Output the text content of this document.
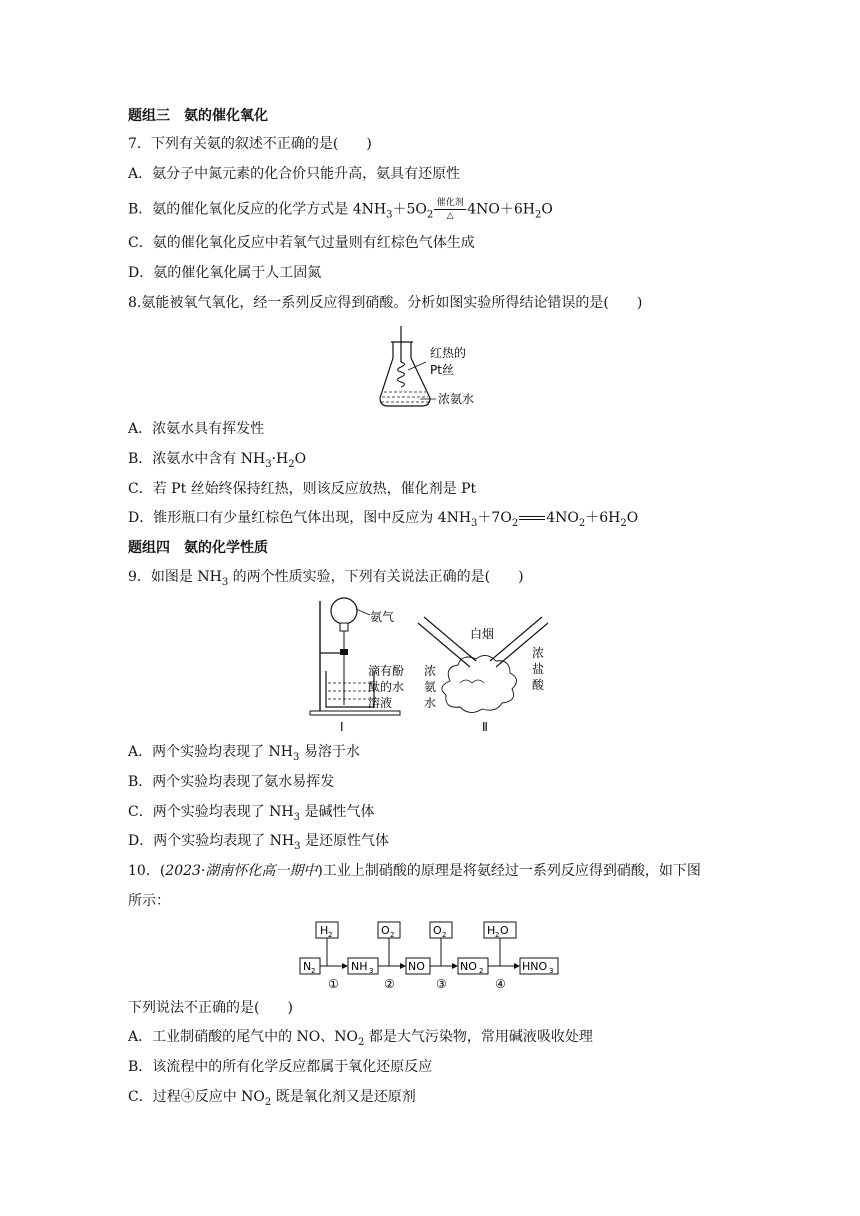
题组三　氨的催化氧化
7．下列有关氨的叙述不正确的是(　　)
A．氨分子中氮元素的化合价只能升高，氨具有还原性
B．氨的催化氧化反应的化学方式是 $4NH_3+5O_2$催化剂
△ $4NO+6H_2O$
C．氨的催化氧化反应中若氧气过量则有红棕色气体生成
D．氨的催化氧化属于人工固氮
8.氨能被氧气氧化，经一系列反应得到硝酸。分析如图实验所得结论错误的是(　　)
红热的
Pt丝
浓氨水
A．浓氨水具有挥发性
B．浓氨水中含有 $NH_3\cdot H_2O$
C．若 Pt 丝始终保持红热，则该反应放热，催化剂是 Pt
D．锥形瓶口有少量红棕色气体出现，图中反应为 $4NH_3+7O_2$ $4NO_2+6H_2O$
题组四　氨的化学性质
9．如图是 $NH_3$ 的两个性质实验，下列有关说法正确的是(　　)
氨气
滴有酚
酞的水
溶液
Ⅰ
白烟
浓
氨
水
浓
盐
酸
Ⅱ
A．两个实验均表现了 $NH_3$ 易溶于水
B．两个实验均表现了氨水易挥发
C．两个实验均表现了 $NH_3$ 是碱性气体
D．两个实验均表现了 $NH_3$ 是还原性气体
10．(2023·湖南怀化高一期中)工业上制硝酸的原理是将氨经过一系列反应得到硝酸，如下图
所示：
H 2	O 2	O 2	H 2 O
N 2	NH 3	NO	NO 2	HNO 3
①	②	③	④
下列说法不正确的是(　　)
A．工业制硝酸的尾气中的 NO、$NO_2$ 都是大气污染物，常用碱液吸收处理
B．该流程中的所有化学反应都属于氧化还原反应
C．过程④反应中 $NO_2$ 既是氧化剂又是还原剂
